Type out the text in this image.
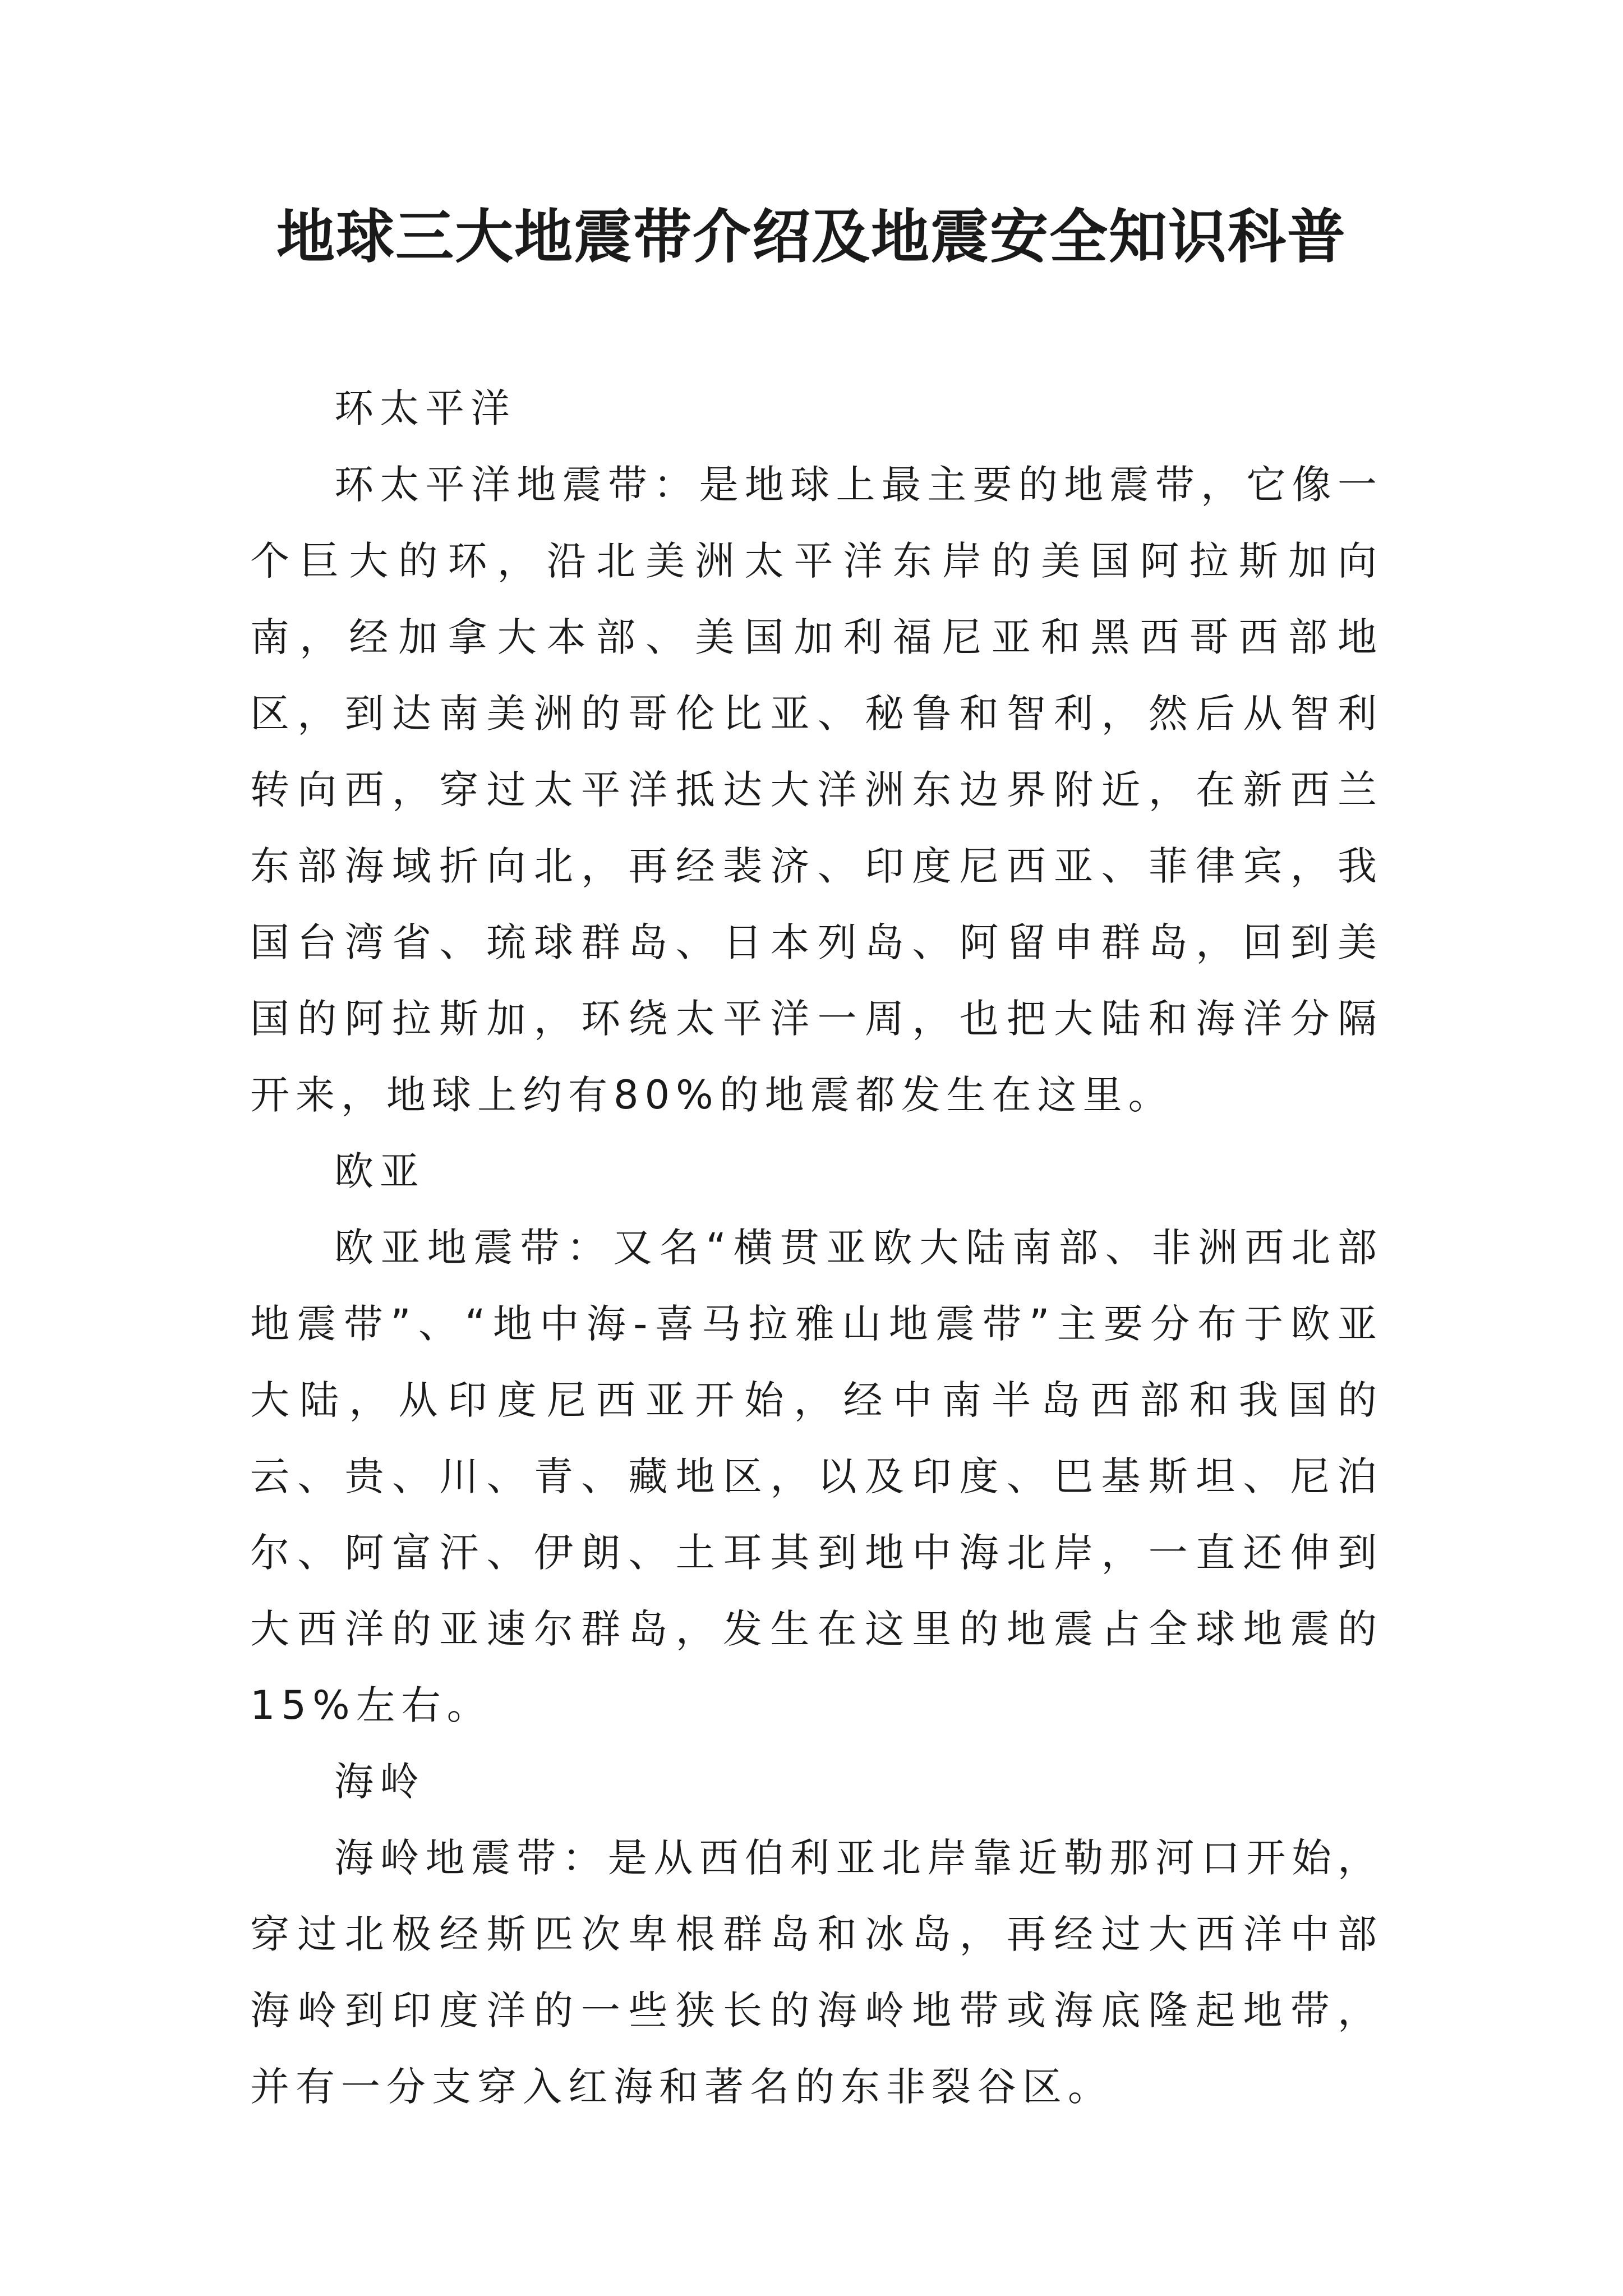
地球三大地震带介绍及地震安全知识科普

环太平洋

环太平洋地震带：是地球上最主要的地震带，它像一个巨大的环，沿北美洲太平洋东岸的美国阿拉斯加向南，经加拿大本部、美国加利福尼亚和黑西哥西部地区，到达南美洲的哥伦比亚、秘鲁和智利，然后从智利转向西，穿过太平洋抵达大洋洲东边界附近，在新西兰东部海域折向北，再经裴济、印度尼西亚、菲律宾，我国台湾省、琉球群岛、日本列岛、阿留申群岛，回到美国的阿拉斯加，环绕太平洋一周，也把大陆和海洋分隔开来，地球上约有80%的地震都发生在这里。

欧亚

欧亚地震带：又名“横贯亚欧大陆南部、非洲西北部地震带”、“地中海-喜马拉雅山地震带”主要分布于欧亚大陆，从印度尼西亚开始，经中南半岛西部和我国的云、贵、川、青、藏地区，以及印度、巴基斯坦、尼泊尔、阿富汗、伊朗、土耳其到地中海北岸，一直还伸到大西洋的亚速尔群岛，发生在这里的地震占全球地震的15%左右。

海岭

海岭地震带：是从西伯利亚北岸靠近勒那河口开始，穿过北极经斯匹次卑根群岛和冰岛，再经过大西洋中部海岭到印度洋的一些狭长的海岭地带或海底隆起地带，并有一分支穿入红海和著名的东非裂谷区。
